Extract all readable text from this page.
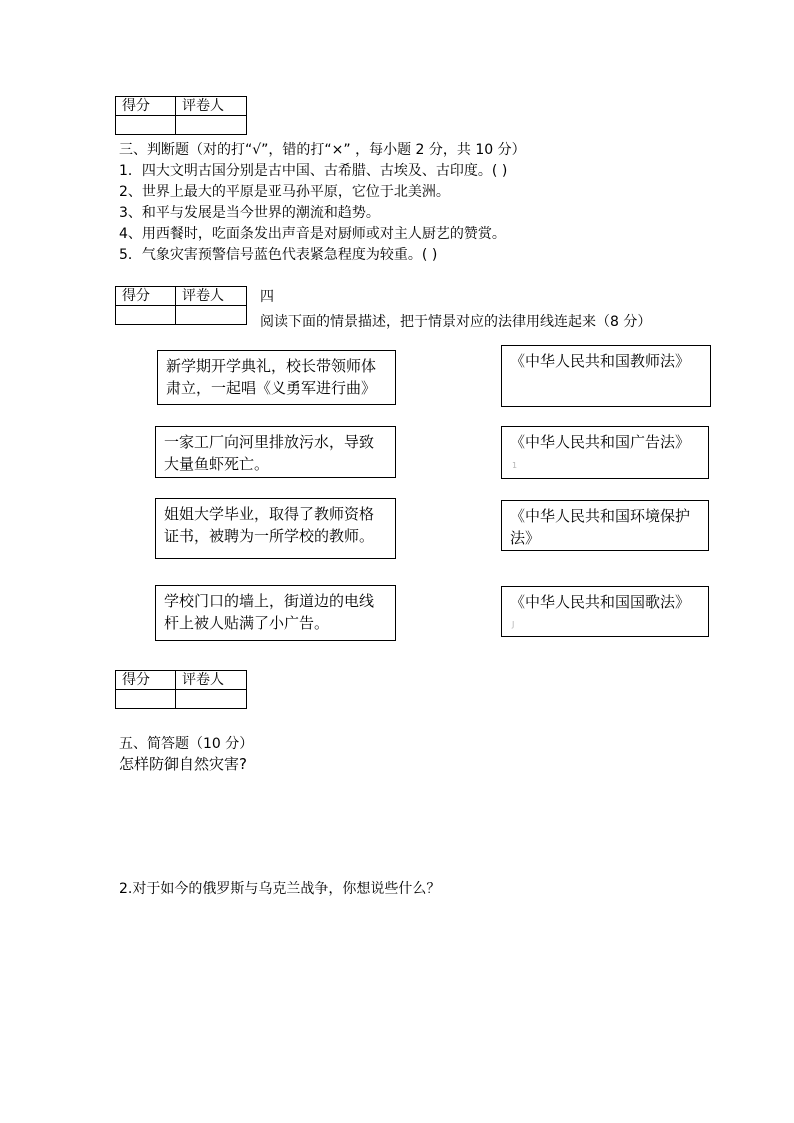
得分	评卷人

三、判断题（对的打“√”，错的打“×” ，每小题 2 分，共 10 分）
1．四大文明古国分别是古中国、古希腊、古埃及、古印度。( )
2、世界上最大的平原是亚马孙平原，它位于北美洲。
3、和平与发展是当今世界的潮流和趋势。
4、用西餐时，吃面条发出声音是对厨师或对主人厨艺的赞赏。
5．气象灾害预警信号蓝色代表紧急程度为较重。( )
得分	评卷人
		四
阅读下面的情景描述，把于情景对应的法律用线连起来（8 分）
新学期开学典礼，校长带领师体肃立，一起唱《义勇军进行曲》
一家工厂向河里排放污水，导致大量鱼虾死亡。
姐姐大学毕业，取得了教师资格证书，被聘为一所学校的教师。
学校门口的墙上，街道边的电线杆上被人贴满了小广告。
《中华人民共和国教师法》
《中华人民共和国广告法》
1
《中华人民共和国环境保护法》
《中华人民共和国国歌法》
J
得分	评卷人

五、简答题（10 分）
怎样防御自然灾害?
2.对于如今的俄罗斯与乌克兰战争，你想说些什么？
